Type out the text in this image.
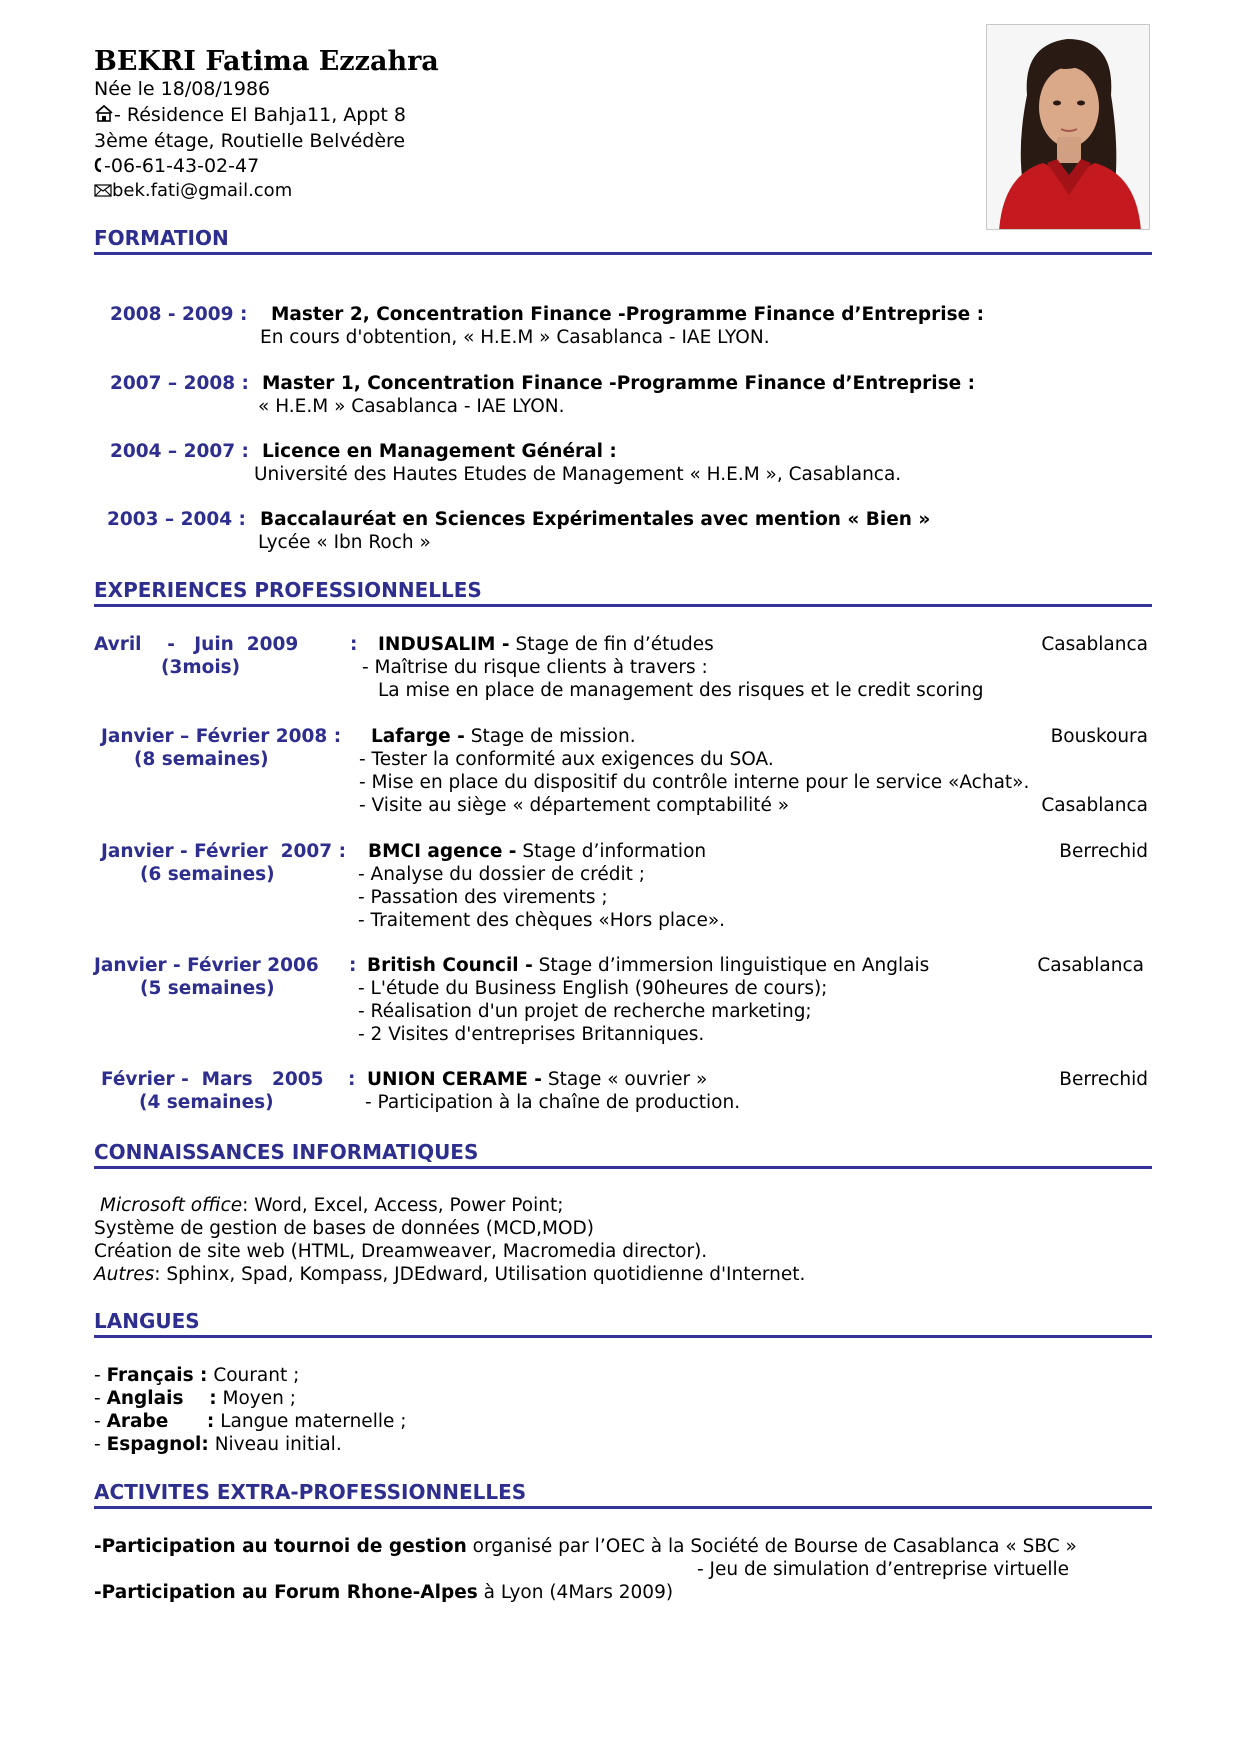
BEKRI Fatima Ezzahra
Née le 18/08/1986
- Résidence El Bahja11, Appt 8
3ème étage, Routielle Belvédère
-06-61-43-02-47
bek.fati@gmail.com
FORMATION
2008 - 2009 : Master 2, Concentration Finance -Programme Finance d’Entreprise :
En cours d'obtention, « H.E.M » Casablanca - IAE LYON.
2007 – 2008 : Master 1, Concentration Finance -Programme Finance d’Entreprise :
« H.E.M » Casablanca - IAE LYON.
2004 – 2007 : Licence en Management Général :
Université des Hautes Etudes de Management « H.E.M », Casablanca.
2003 – 2004 : Baccalauréat en Sciences Expérimentales avec mention « Bien »
Lycée « Ibn Roch »
EXPERIENCES PROFESSIONNELLES
Avril    -   Juin  2009	:
(3mois)
INDUSALIM - Stage de fin d’études	Casablanca
- Maîtrise du risque clients à travers :
La mise en place de management des risques et le credit scoring
Janvier – Février 2008 :
(8 semaines)
Lafarge - Stage de mission.	Bouskoura
- Tester la conformité aux exigences du SOA.
- Mise en place du dispositif du contrôle interne pour le service «Achat».
- Visite au siège « département comptabilité »	Casablanca
Janvier - Février  2007 :
(6 semaines)
BMCI agence - Stage d’information	Berrechid
- Analyse du dossier de crédit ;
- Passation des virements ;
- Traitement des chèques «Hors place».
Janvier - Février 2006 :
(5 semaines)
British Council - Stage d’immersion linguistique en Anglais	Casablanca
- L'étude du Business English (90heures de cours);
- Réalisation d'un projet de recherche marketing;
- 2 Visites d'entreprises Britanniques.
Février -  Mars   2005 :
(4 semaines)
UNION CERAME - Stage « ouvrier »	Berrechid
- Participation à la chaîne de production.
CONNAISSANCES INFORMATIQUES
Microsoft office: Word, Excel, Access, Power Point;
Système de gestion de bases de données (MCD,MOD)
Création de site web (HTML, Dreamweaver, Macromedia director).
Autres: Sphinx, Spad, Kompass, JDEdward, Utilisation quotidienne d'Internet.
LANGUES
- Français : Courant ;
- Anglais    : Moyen ;
- Arabe      : Langue maternelle ;
- Espagnol: Niveau initial.
ACTIVITES EXTRA-PROFESSIONNELLES
-Participation au tournoi de gestion organisé par l’OEC à la Société de Bourse de Casablanca « SBC »
- Jeu de simulation d’entreprise virtuelle
-Participation au Forum Rhone-Alpes à Lyon (4Mars 2009)
